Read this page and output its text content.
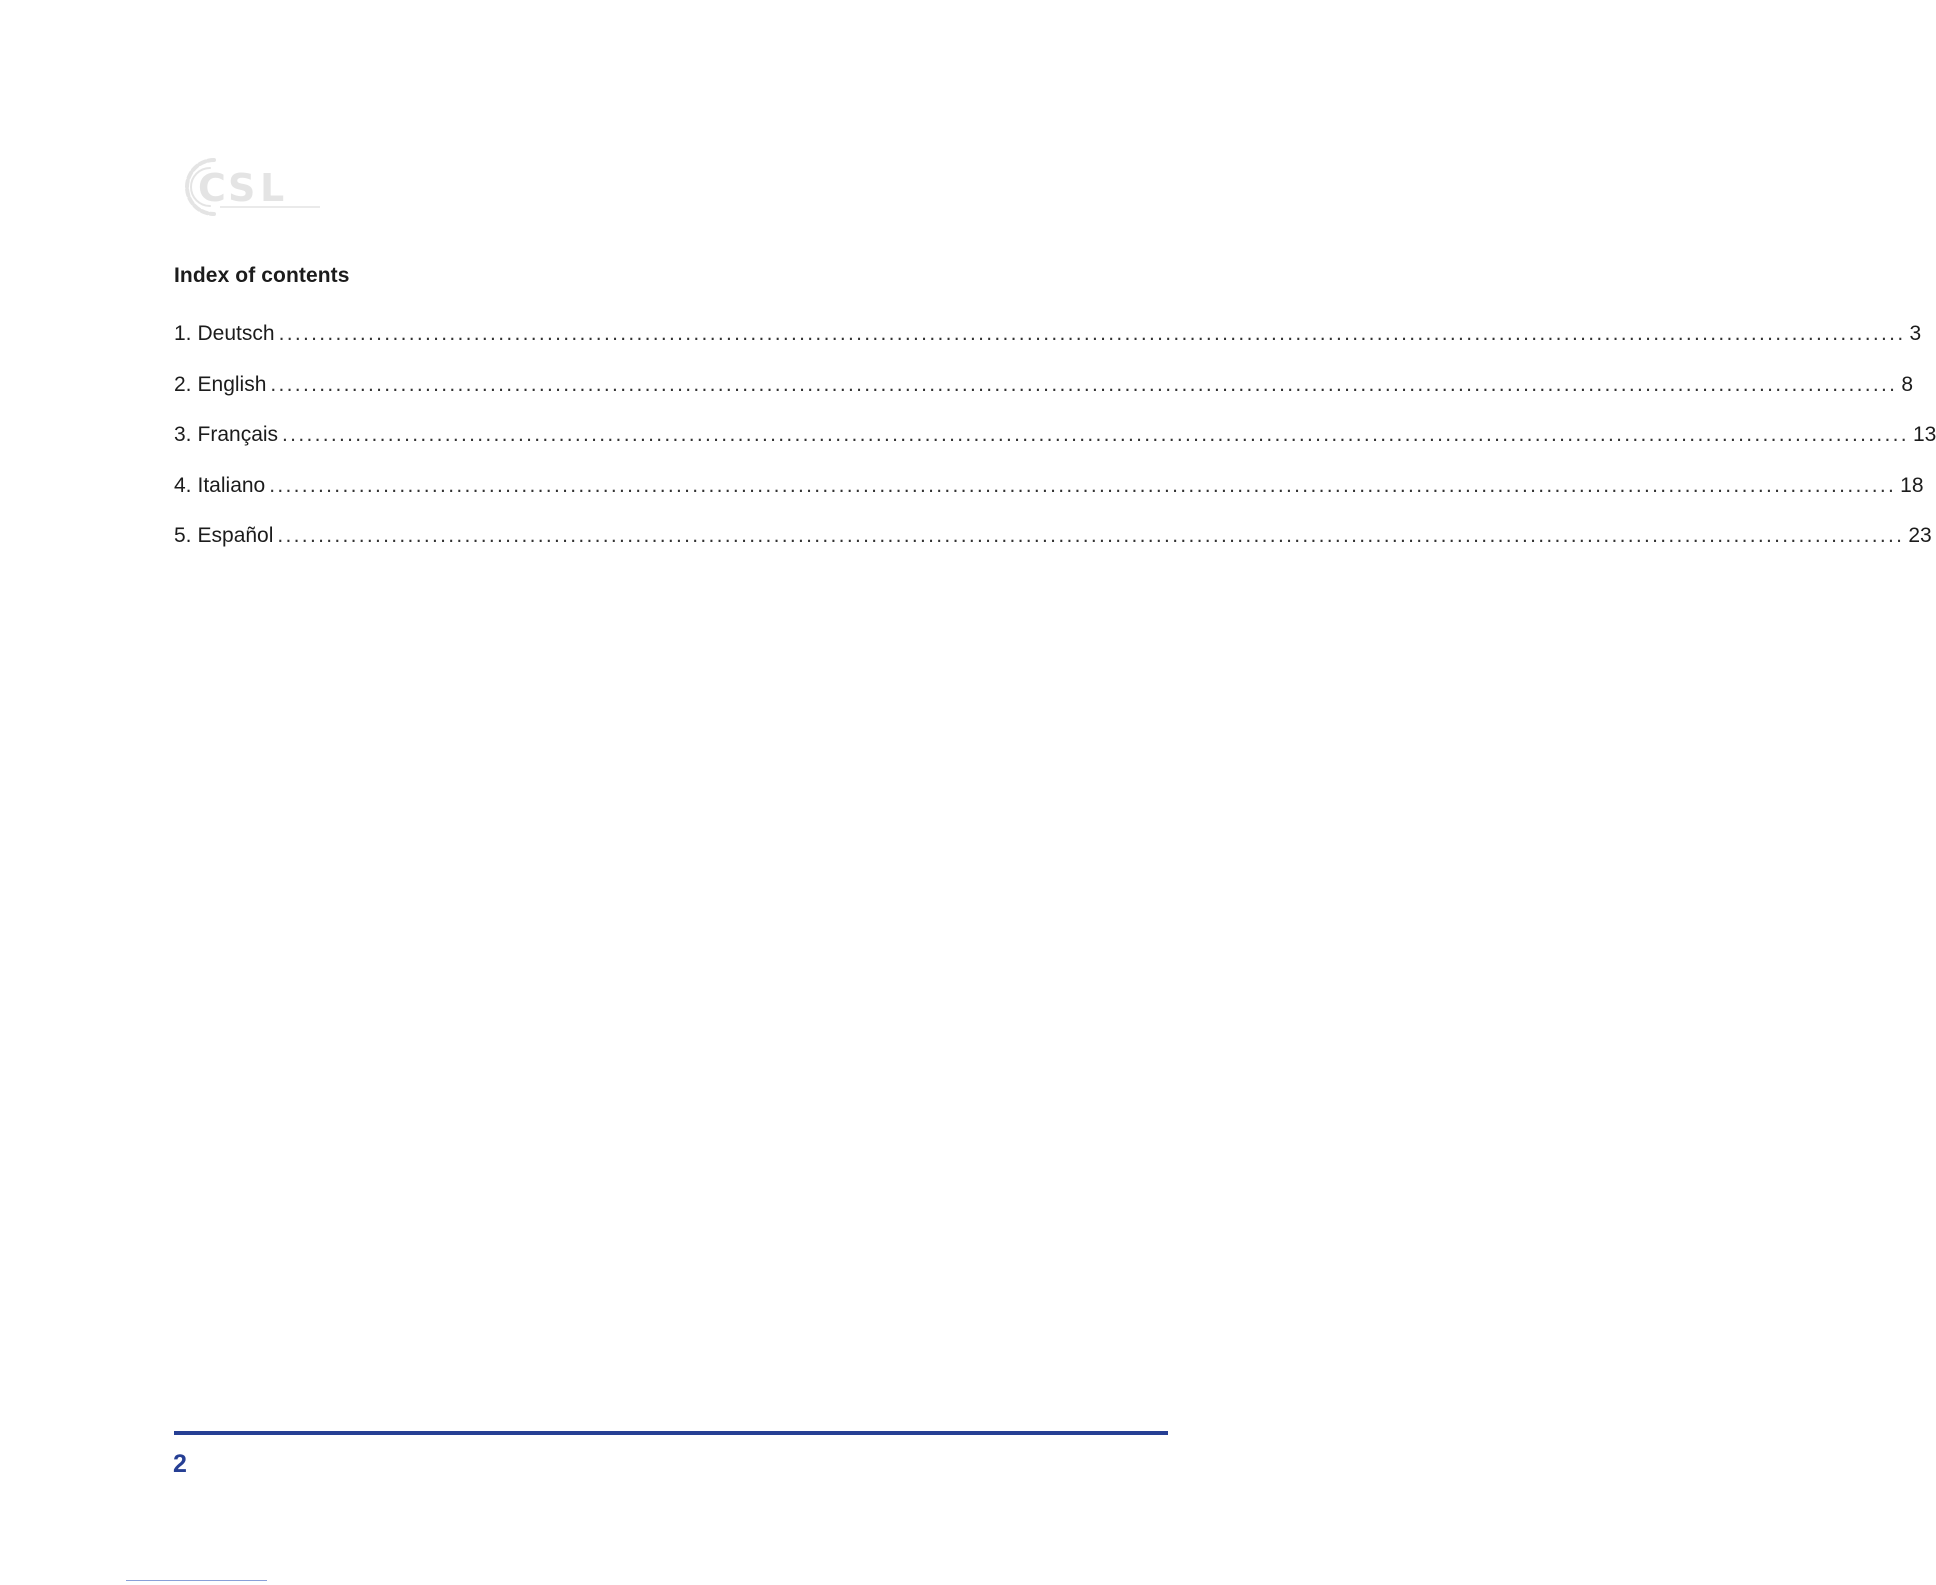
C S L
Index of contents
1. Deutsch ........................................................................................................................................................................................................ 3
2. English ........................................................................................................................................................................................................ 8
3. Français ........................................................................................................................................................................................................ 13
4. Italiano ........................................................................................................................................................................................................ 18
5. Español ........................................................................................................................................................................................................ 23
2
